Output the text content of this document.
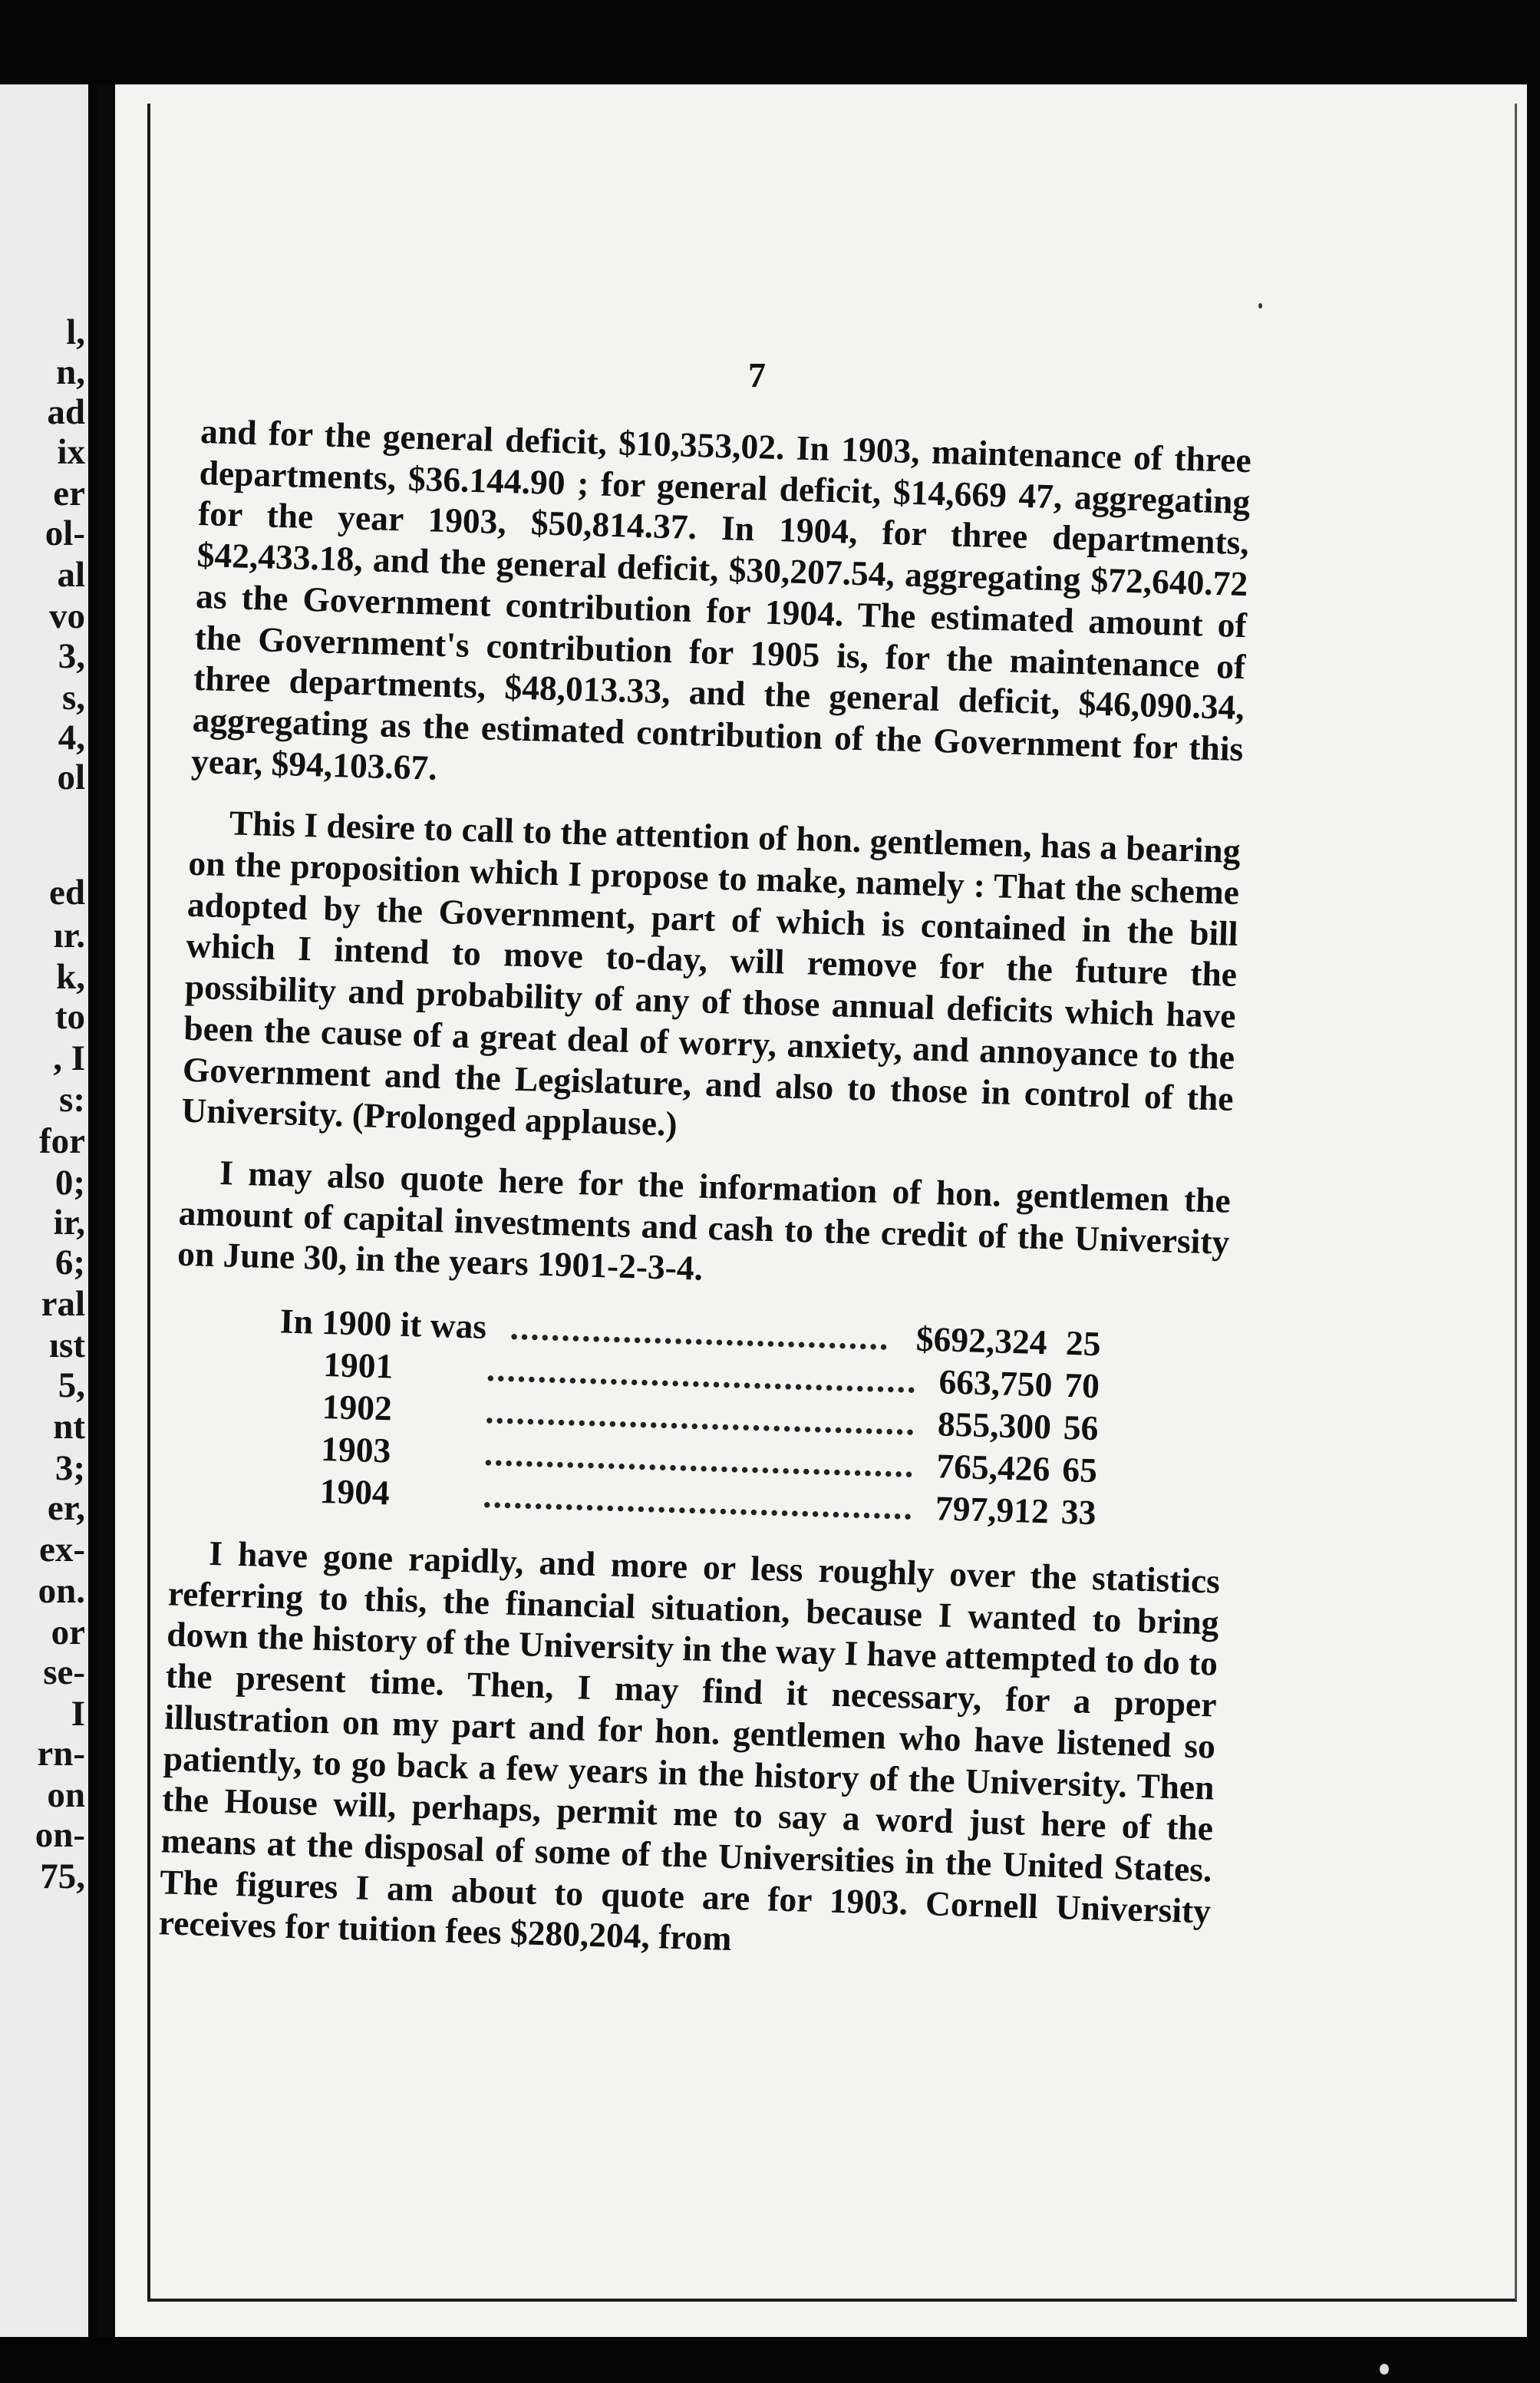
l,
n,
ad
ix
er
ol-
al
vo
3,
s,
4,
ol
ed
ır.
k,
to
, I
s:
for
0;
ir,
6;
ral
ıst
5,
nt
3;
er,
ex-
on.
or
se-
I
rn-
on
on-
75,
7

and for the general deficit, $10,353,02. In 1903, maintenance of three departments, $36.144.90 ; for general deficit, $14,669 47, aggregating for the year 1903, $50,814.37. In 1904, for three departments, $42,433.18, and the general deficit, $30,207.54, aggregating $72,640.72 as the Government contribution for 1904. The estimated amount of the Government's contribution for 1905 is, for the maintenance of three departments, $48,013.33, and the general deficit, $46,090.34, aggregating as the estimated contribution of the Government for this year, $94,103.67.

This I desire to call to the attention of hon. gentlemen, has a bearing on the proposition which I propose to make, namely : That the scheme adopted by the Government, part of which is contained in the bill which I intend to move to-day, will remove for the future the possibility and probability of any of those annual deficits which have been the cause of a great deal of worry, anxiety, and annoyance to the Government and the Legislature, and also to those in control of the University. (Prolonged applause.)

I may also quote here for the information of hon. gentlemen the amount of capital investments and cash to the credit of the University on June 30, in the years 1901-2-3-4.

In 1900 it was ..................................... $692,324 25
1901	.......................................... 663,750 70
1902	.......................................... 855,300 56
1903	.......................................... 765,426 65
1904	.......................................... 797,912 33

I have gone rapidly, and more or less roughly over the statistics referring to this, the financial situation, because I wanted to bring down the history of the University in the way I have attempted to do to the present time. Then, I may find it necessary, for a proper illustration on my part and for hon. gentlemen who have listened so patiently, to go back a few years in the history of the University. Then the House will, perhaps, permit me to say a word just here of the means at the disposal of some of the Universities in the United States. The figures I am about to quote are for 1903. Cornell University receives for tuition fees $280,204, from
